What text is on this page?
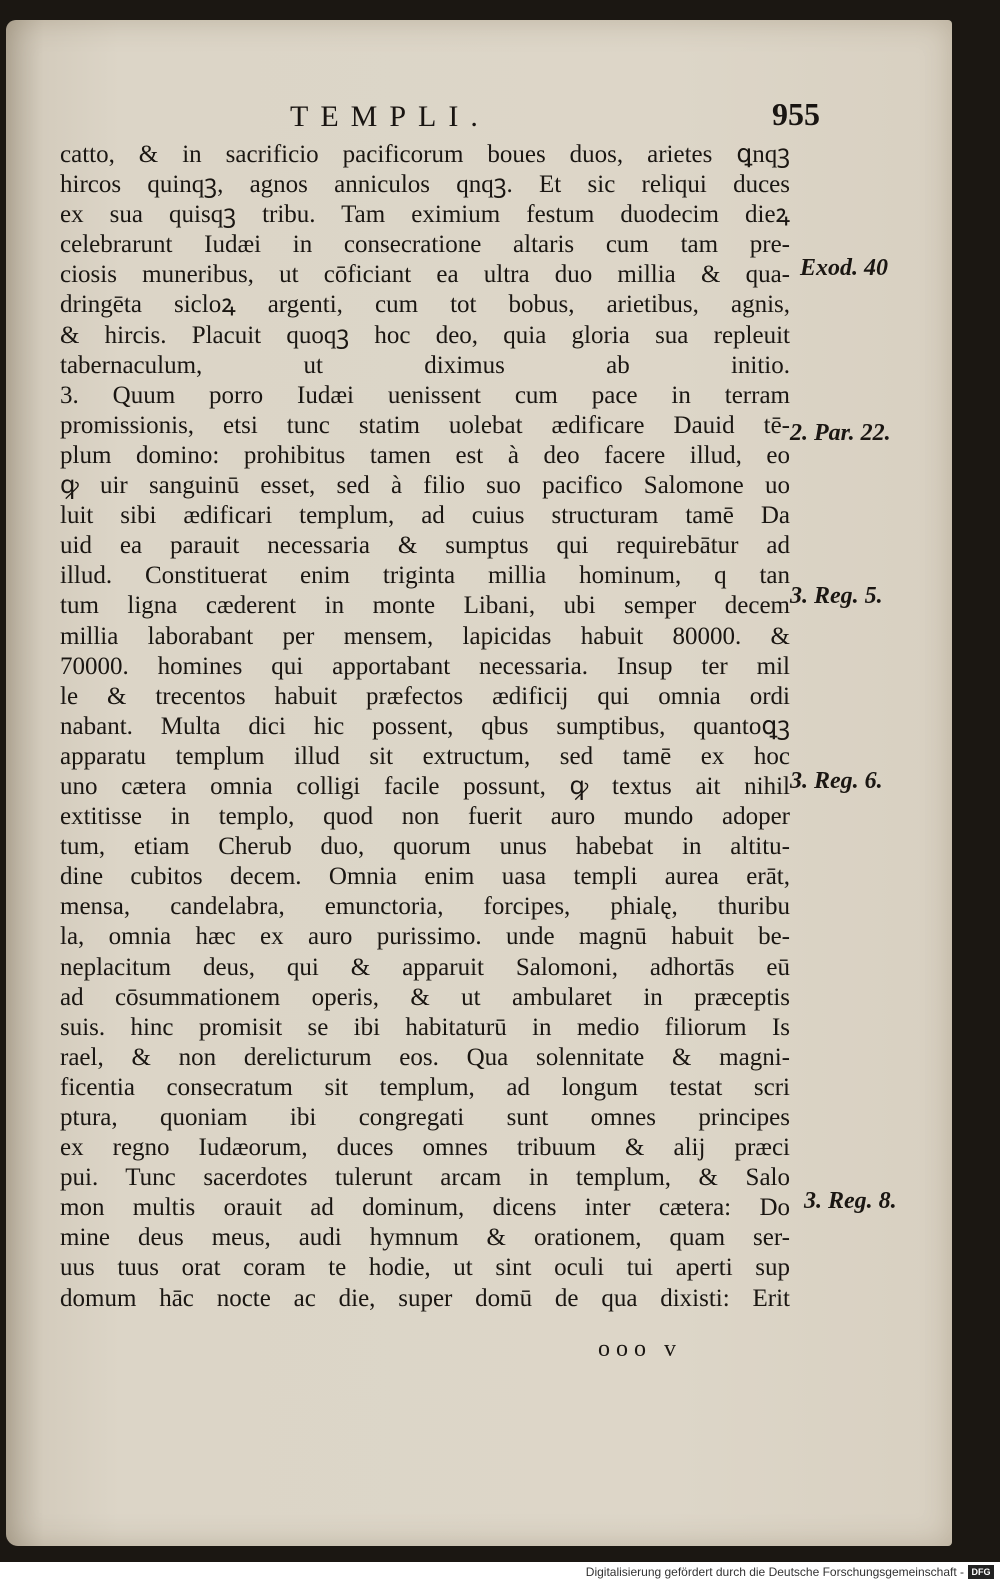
TEMPLI.	955
catto, & in sacrificio pacificorum boues duos, arietes ꝗnqꝫ
hircos quinqꝫ, agnos anniculos qnqꝫ. Et sic reliqui duces
ex sua quisqꝫ tribu. Tam eximium festum duodecim dieꝝ
celebrarunt Iudæi in consecratione altaris cum tam pre-
ciosis muneribus, ut cōficiant ea ultra duo millia & qua-
dringēta sicloꝝ argenti, cum tot bobus, arietibus, agnis,
& hircis. Placuit quoqꝫ hoc deo, quia gloria sua repleuit
tabernaculum, ut diximus ab initio.
3. Quum porro Iudæi uenissent cum pace in terram
promissionis, etsi tunc statim uolebat ædificare Dauid tē-
plum domino: prohibitus tamen est à deo facere illud, eo
ꝙ uir sanguinū esset, sed à filio suo pacifico Salomone uo
luit sibi ædificari templum, ad cuius structuram tamē Da
uid ea parauit necessaria & sumptus qui requirebātur ad
illud. Constituerat enim triginta millia hominum, q tan
tum ligna cæderent in monte Libani, ubi semper decem
millia laborabant per mensem, lapicidas habuit 80000. &
70000. homines qui apportabant necessaria. Insup ter mil
le & trecentos habuit præfectos ædificij qui omnia ordi
nabant. Multa dici hic possent, qbus sumptibus, quantoꝗꝫ
apparatu templum illud sit extructum, sed tamē ex hoc
uno cætera omnia colligi facile possunt, ꝙ textus ait nihil
extitisse in templo, quod non fuerit auro mundo adoper
tum, etiam Cherub duo, quorum unus habebat in altitu-
dine cubitos decem. Omnia enim uasa templi aurea erāt,
mensa, candelabra, emunctoria, forcipes, phialę, thuribu
la, omnia hæc ex auro purissimo. unde magnū habuit be-
neplacitum deus, qui & apparuit Salomoni, adhortās eū
ad cōsummationem operis, & ut ambularet in præceptis
suis. hinc promisit se ibi habitaturū in medio filiorum Is
rael, & non derelicturum eos. Qua solennitate & magni-
ficentia consecratum sit templum, ad longum testat scri
ptura, quoniam ibi congregati sunt omnes principes
ex regno Iudæorum, duces omnes tribuum & alij præci
pui. Tunc sacerdotes tulerunt arcam in templum, & Salo
mon multis orauit ad dominum, dicens inter cætera: Do
mine deus meus, audi hymnum & orationem, quam ser-
uus tuus orat coram te hodie, ut sint oculi tui aperti sup
domum hāc nocte ac die, super domū de qua dixisti: Erit
Exod. 40
2. Par. 22.
3. Reg. 5.
3. Reg. 6.
3. Reg. 8.
ooo v
Digitalisierung gefördert durch die Deutsche Forschungsgemeinschaft - DFG
